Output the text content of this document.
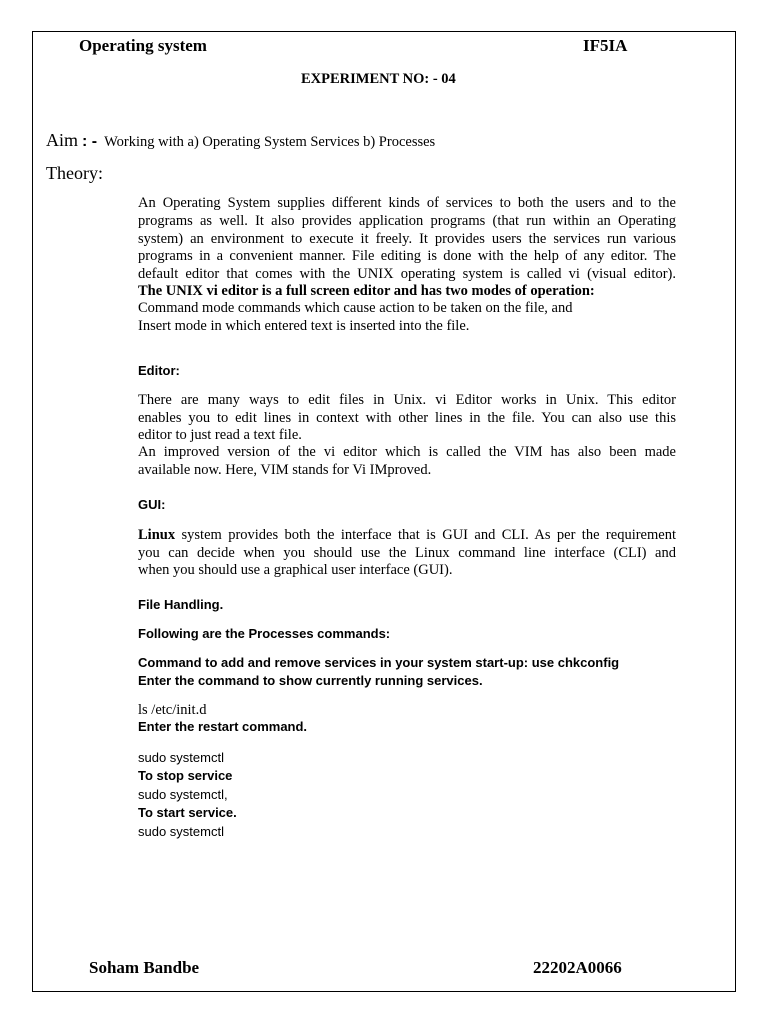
Operating system	IF5IA
EXPERIMENT NO: - 04
Aim : - Working with a) Operating System Services b) Processes
Theory:
An Operating System supplies different kinds of services to both the users and to the
programs as well. It also provides application programs (that run within an Operating
system) an environment to execute it freely. It provides users the services run various
programs in a convenient manner. File editing is done with the help of any editor. The
default editor that comes with the UNIX operating system is called vi (visual editor).
The UNIX vi editor is a full screen editor and has two modes of operation:
Command mode commands which cause action to be taken on the file, and
Insert mode in which entered text is inserted into the file.
Editor:
There are many ways to edit files in Unix. vi Editor works in Unix. This editor
enables you to edit lines in context with other lines in the file. You can also use this
editor to just read a text file.
An improved version of the vi editor which is called the VIM has also been made
available now. Here, VIM stands for Vi IMproved.
GUI:
Linux system provides both the interface that is GUI and CLI. As per the requirement
you can decide when you should use the Linux command line interface (CLI) and
when you should use a graphical user interface (GUI).
File Handling.
Following are the Processes commands:
Command to add and remove services in your system start-up: use chkconfig
Enter the command to show currently running services.
ls /etc/init.d
Enter the restart command.
sudo systemctl
To stop service
sudo systemctl,
To start service.
sudo systemctl
Soham Bandbe	22202A0066
